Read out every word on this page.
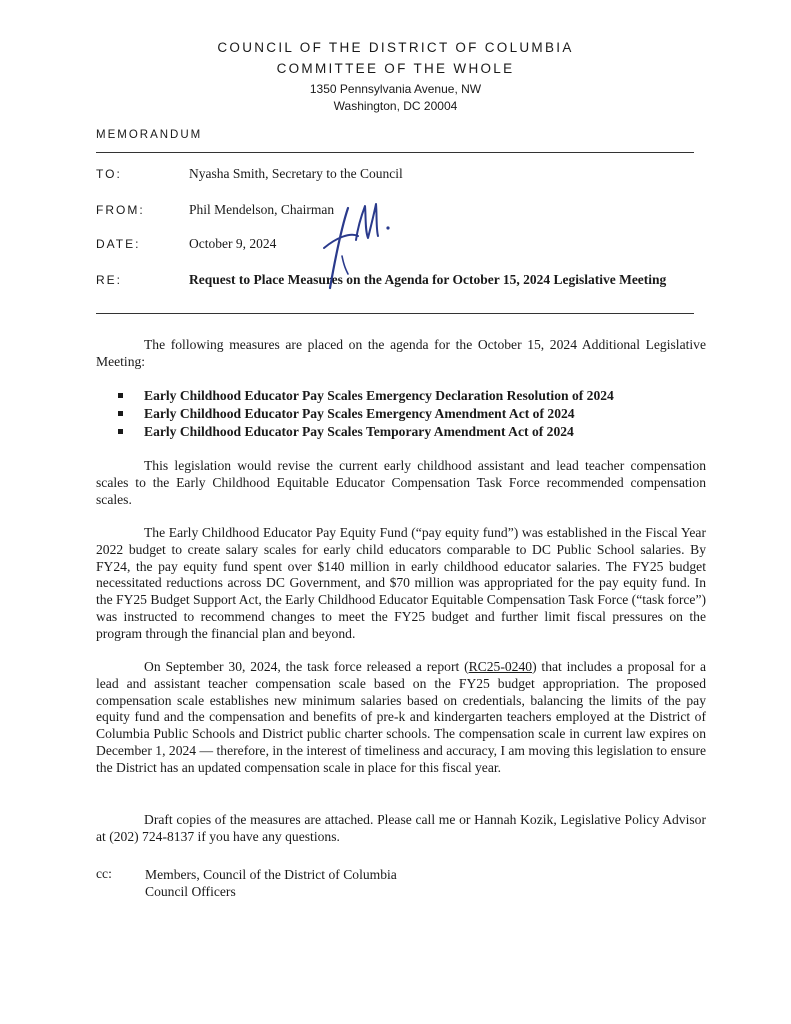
COUNCIL OF THE DISTRICT OF COLUMBIA
COMMITTEE OF THE WHOLE
1350 Pennsylvania Avenue, NW
Washington, DC 20004
MEMORANDUM
TO:	Nyasha Smith, Secretary to the Council
FROM:	Phil Mendelson, Chairman
DATE:	October 9, 2024
RE:	Request to Place Measures on the Agenda for October 15, 2024 Legislative Meeting
The following measures are placed on the agenda for the October 15, 2024 Additional Legislative Meeting:
Early Childhood Educator Pay Scales Emergency Declaration Resolution of 2024
Early Childhood Educator Pay Scales Emergency Amendment Act of 2024
Early Childhood Educator Pay Scales Temporary Amendment Act of 2024
This legislation would revise the current early childhood assistant and lead teacher compensation scales to the Early Childhood Equitable Educator Compensation Task Force recommended compensation scales.
The Early Childhood Educator Pay Equity Fund (“pay equity fund”) was established in the Fiscal Year 2022 budget to create salary scales for early child educators comparable to DC Public School salaries. By FY24, the pay equity fund spent over $140 million in early childhood educator salaries. The FY25 budget necessitated reductions across DC Government, and $70 million was appropriated for the pay equity fund. In the FY25 Budget Support Act, the Early Childhood Educator Equitable Compensation Task Force (“task force”) was instructed to recommend changes to meet the FY25 budget and further limit fiscal pressures on the program through the financial plan and beyond.
On September 30, 2024, the task force released a report (RC25-0240) that includes a proposal for a lead and assistant teacher compensation scale based on the FY25 budget appropriation. The proposed compensation scale establishes new minimum salaries based on credentials, balancing the limits of the pay equity fund and the compensation and benefits of pre-k and kindergarten teachers employed at the District of Columbia Public Schools and District public charter schools. The compensation scale in current law expires on December 1, 2024 — therefore, in the interest of timeliness and accuracy, I am moving this legislation to ensure the District has an updated compensation scale in place for this fiscal year.
Draft copies of the measures are attached. Please call me or Hannah Kozik, Legislative Policy Advisor at (202) 724-8137 if you have any questions.
cc: Members, Council of the District of Columbia
Council Officers
